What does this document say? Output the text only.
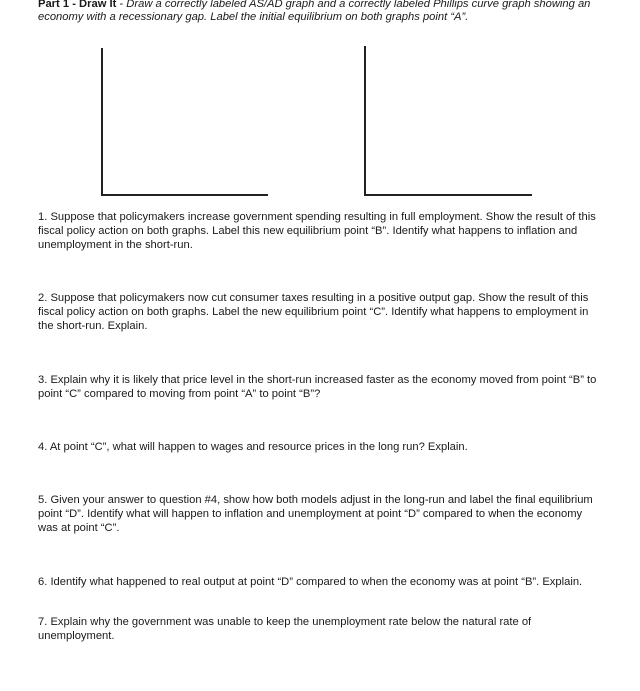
Part 1 - Draw It - Draw a correctly labeled AS/AD graph and a correctly labeled Phillips curve graph showing an economy with a recessionary gap. Label the initial equilibrium on both graphs point “A”.

1. Suppose that policymakers increase government spending resulting in full employment. Show the result of this fiscal policy action on both graphs. Label this new equilibrium point “B”. Identify what happens to inflation and unemployment in the short-run.

2. Suppose that policymakers now cut consumer taxes resulting in a positive output gap. Show the result of this fiscal policy action on both graphs. Label the new equilibrium point “C”. Identify what happens to employment in the short-run. Explain.

3. Explain why it is likely that price level in the short-run increased faster as the economy moved from point “B” to point “C” compared to moving from point “A” to point “B”?

4. At point “C”, what will happen to wages and resource prices in the long run? Explain.

5. Given your answer to question #4, show how both models adjust in the long-run and label the final equilibrium point “D”. Identify what will happen to inflation and unemployment at point “D” compared to when the economy was at point “C”.

6. Identify what happened to real output at point “D” compared to when the economy was at point “B”. Explain.

7. Explain why the government was unable to keep the unemployment rate below the natural rate of unemployment.
